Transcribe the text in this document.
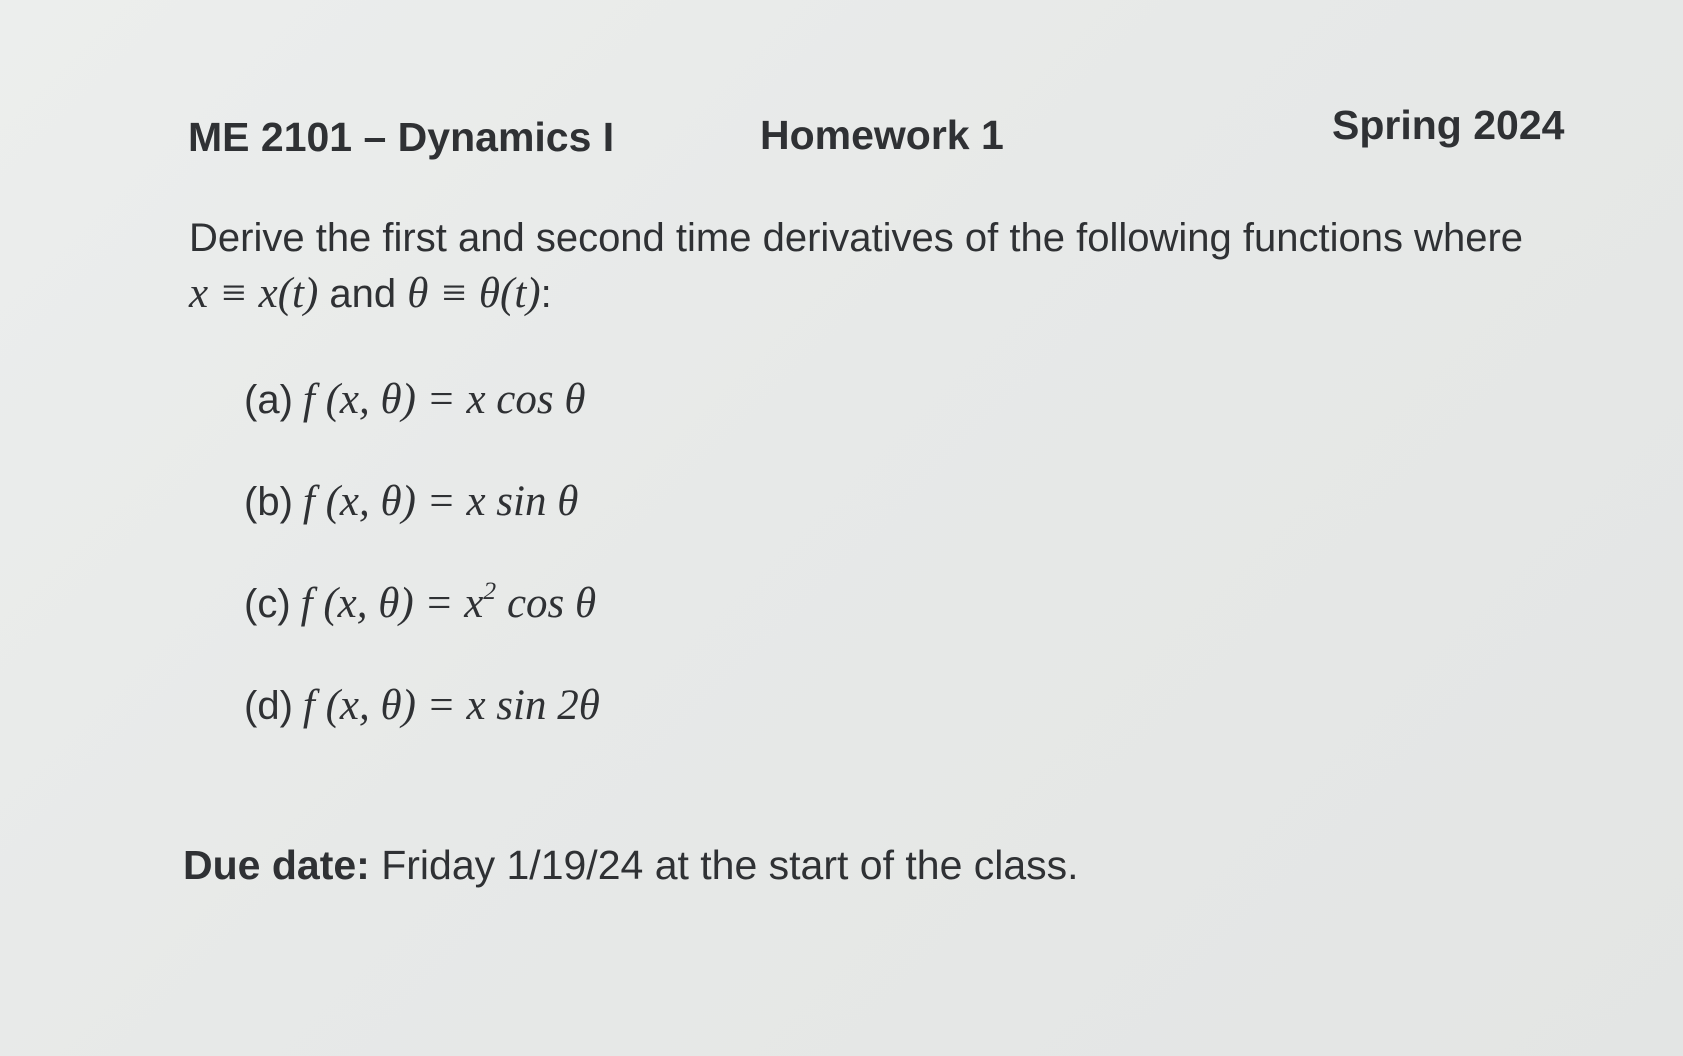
ME 2101 – Dynamics I	Homework 1	Spring 2024
Derive the first and second time derivatives of the following functions where
x ≡ x(t) and θ ≡ θ(t):
(a) f (x, θ) = x cos θ
(b) f (x, θ) = x sin θ
(c) f (x, $\theta) = x^2$ cos θ
(d) f (x, θ) = x sin 2θ
Due date: Friday 1/19/24 at the start of the class.
